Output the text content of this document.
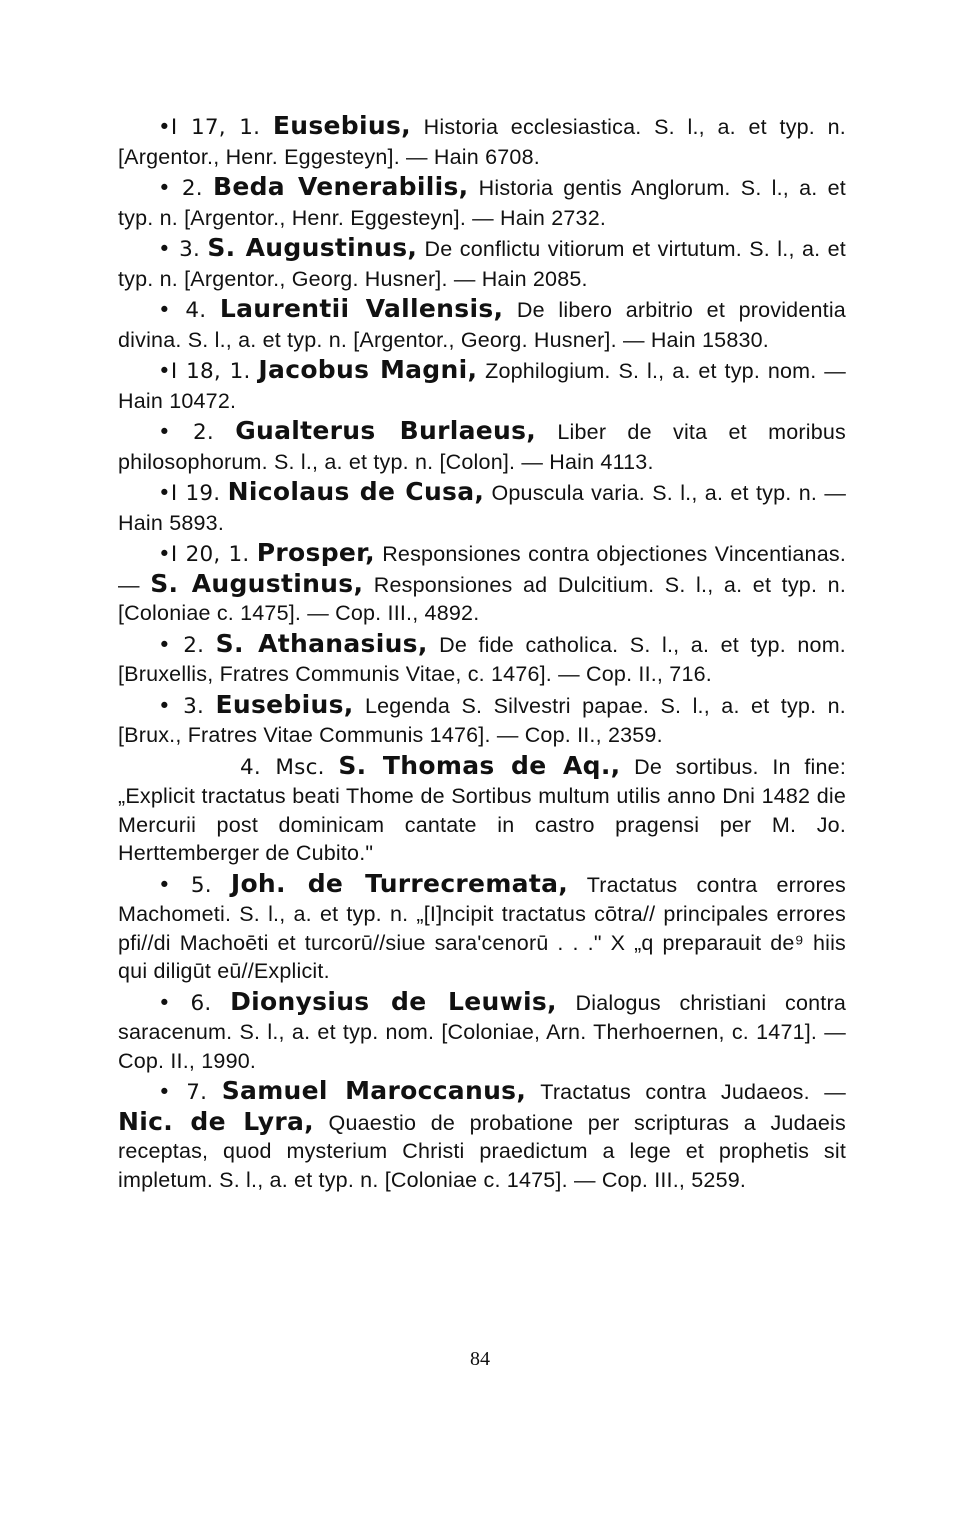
•I 17, 1. Eusebius, Historia ecclesiastica. S. l., a. et typ. n. [Argentor., Henr. Eggesteyn]. — Hain 6708.

• 2. Beda Venerabilis, Historia gentis Anglorum. S. l., a. et typ. n. [Argentor., Henr. Eggesteyn]. — Hain 2732.

• 3. S. Augustinus, De conflictu vitiorum et virtutum. S. l., a. et typ. n. [Argentor., Georg. Husner]. — Hain 2085.

• 4. Laurentii Vallensis, De libero arbitrio et providentia divina. S. l., a. et typ. n. [Argentor., Georg. Husner]. — Hain 15830.

•I 18, 1. Jacobus Magni, Zophilogium. S. l., a. et typ. nom. — Hain 10472.

• 2. Gualterus Burlaeus, Liber de vita et moribus philosophorum. S. l., a. et typ. n. [Colon]. — Hain 4113.

•I 19. Nicolaus de Cusa, Opuscula varia. S. l., a. et typ. n. — Hain 5893.

•I 20, 1. Prosper, Responsiones contra objectiones Vincentianas. — S. Augustinus, Responsiones ad Dulcitium. S. l., a. et typ. n. [Coloniae c. 1475]. — Cop. III., 4892.

• 2. S. Athanasius, De fide catholica. S. l., a. et typ. nom. [Bruxellis, Fratres Communis Vitae, c. 1476]. — Cop. II., 716.

• 3. Eusebius, Legenda S. Silvestri papae. S. l., a. et typ. n. [Brux., Fratres Vitae Communis 1476]. — Cop. II., 2359.

4. Msc. S. Thomas de Aq., De sortibus. In fine: „Explicit tractatus beati Thome de Sortibus multum utilis anno Dni 1482 die Mercurii post dominicam cantate in castro pragensi per M. Jo. Herttemberger de Cubito."

• 5. Joh. de Turrecremata, Tractatus contra errores Machometi. S. l., a. et typ. n. „[I]ncipit tractatus cōtra// principales errores pfi//di Machoēti et turcorū//siue sara'cenorū . . ." X „q preparauit de⁹ hiis qui diligūt eū//Explicit.

• 6. Dionysius de Leuwis, Dialogus christiani contra saracenum. S. l., a. et typ. nom. [Coloniae, Arn. Therhoernen, c. 1471]. — Cop. II., 1990.

• 7. Samuel Maroccanus, Tractatus contra Judaeos. — Nic. de Lyra, Quaestio de probatione per scripturas a Judaeis receptas, quod mysterium Christi praedictum a lege et prophetis sit impletum. S. l., a. et typ. n. [Coloniae c. 1475]. — Cop. III., 5259.

84
